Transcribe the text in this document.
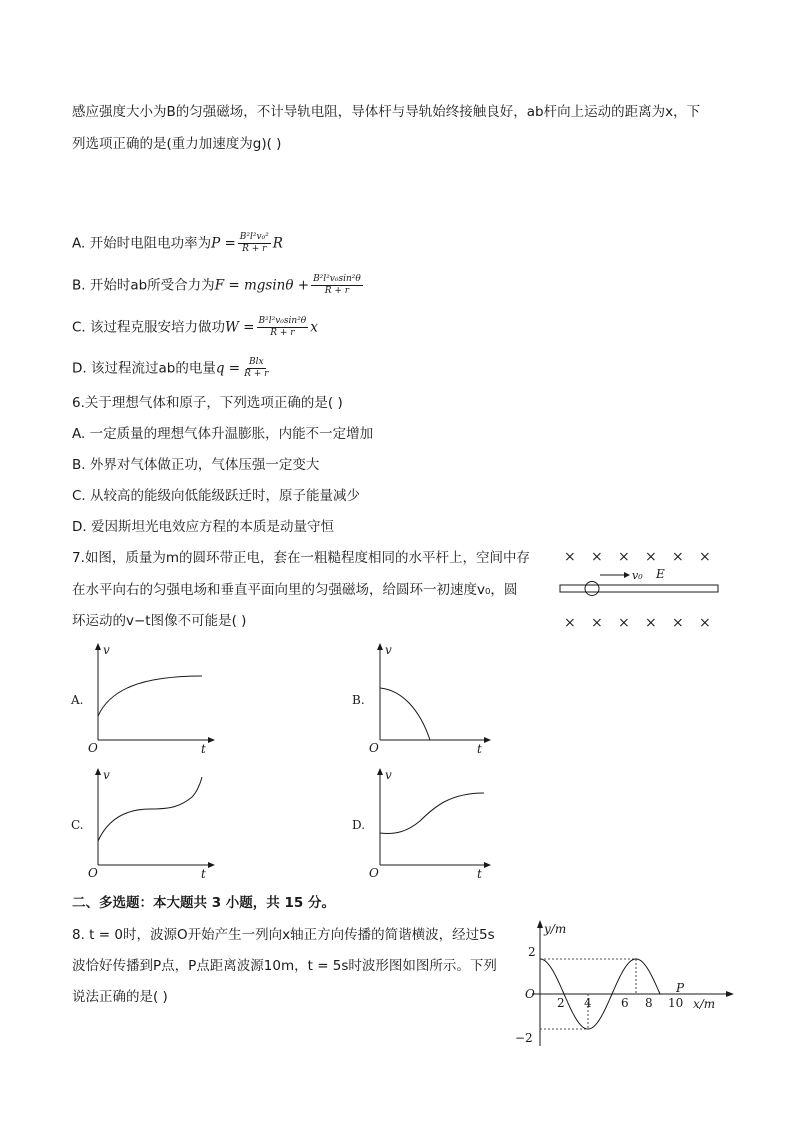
感应强度大小为B的匀强磁场，不计导轨电阻，导体杆与导轨始终接触良好，ab杆向上运动的距离为x，下
列选项正确的是(重力加速度为g)( )
A. 开始时电阻电功率为$P = \frac{\text{B²l²v₀²}}{R + r}$ R
B. 开始时ab所受合力为$F = mgsin\theta + \frac{\text{B²l²v₀sin²θ}}{R + r}$
C. 该过程克服安培力做功$W = \frac{\text{B²l²v₀sin²θ}}{R + r}$ x
D. 该过程流过ab的电量$q = \frac{\text{Blx}}{R + r}$
6.关于理想气体和原子，下列选项正确的是( )
A. 一定质量的理想气体升温膨胀，内能不一定增加
B. 外界对气体做正功，气体压强一定变大
C. 从较高的能级向低能级跃迁时，原子能量减少
D. 爱因斯坦光电效应方程的本质是动量守恒
7.如图，质量为m的圆环带正电，套在一粗糙程度相同的水平杆上，空间中存
在水平向右的匀强电场和垂直平面向里的匀强磁场，给圆环一初速度v₀，圆
环运动的v−t图像不可能是( )
× × × × × ×
v₀ E
× × × × × ×
v
t
O
A.
v
t
O
B.
v
t
O
C.
v
t
O
D.
二、多选题：本大题共 3 小题，共 15 分。
8. t = 0时，波源O开始产生一列向x轴正方向传播的简谐横波，经过5s
波恰好传播到P点，P点距离波源10m，t = 5s时波形图如图所示。下列
说法正确的是( )
y/m
x/m
O
2
−2
2 4 6 8 10
P
